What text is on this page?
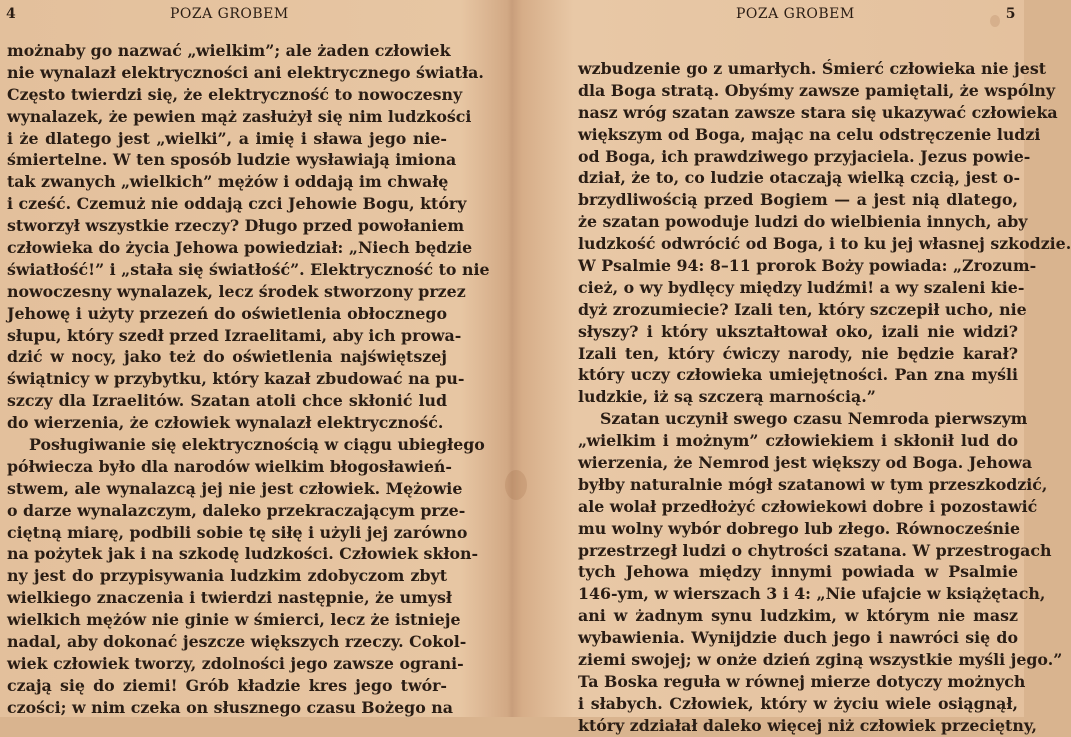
4	POZA GROBEM
możnaby go nazwać „wielkim”; ale żaden człowiek
nie wynalazł elektryczności ani elektrycznego światła.
Często twierdzi się, że elektryczność to nowoczesny
wynalazek, że pewien mąż zasłużył się nim ludzkości
i że dlatego jest „wielki”, a imię i sława jego nie-
śmiertelne. W ten sposób ludzie wysławiają imiona
tak zwanych „wielkich” mężów i oddają im chwałę
i cześć. Czemuż nie oddają czci Jehowie Bogu, który
stworzył wszystkie rzeczy? Długo przed powołaniem
człowieka do życia Jehowa powiedział: „Niech będzie
światłość!” i „stała się światłość”. Elektryczność to nie
nowoczesny wynalazek, lecz środek stworzony przez
Jehowę i użyty przezeń do oświetlenia obłocznego
słupu, który szedł przed Izraelitami, aby ich prowa-
dzić w nocy, jako też do oświetlenia najświętszej
świątnicy w przybytku, który kazał zbudować na pu-
szczy dla Izraelitów. Szatan atoli chce skłonić lud
do wierzenia, że człowiek wynalazł elektryczność.
Posługiwanie się elektrycznością w ciągu ubiegłego
półwiecza było dla narodów wielkim błogosławień-
stwem, ale wynalazcą jej nie jest człowiek. Mężowie
o darze wynalazczym, daleko przekraczającym prze-
ciętną miarę, podbili sobie tę siłę i użyli jej zarówno
na pożytek jak i na szkodę ludzkości. Człowiek skłon-
ny jest do przypisywania ludzkim zdobyczom zbyt
wielkiego znaczenia i twierdzi następnie, że umysł
wielkich mężów nie ginie w śmierci, lecz że istnieje
nadal, aby dokonać jeszcze większych rzeczy. Cokol-
wiek człowiek tworzy, zdolności jego zawsze ograni-
czają się do ziemi! Grób kładzie kres jego twór-
czości; w nim czeka on słusznego czasu Bożego na
POZA GROBEM	5
wzbudzenie go z umarłych. Śmierć człowieka nie jest
dla Boga stratą. Obyśmy zawsze pamiętali, że wspólny
nasz wróg szatan zawsze stara się ukazywać człowieka
większym od Boga, mając na celu odstręczenie ludzi
od Boga, ich prawdziwego przyjaciela. Jezus powie-
dział, że to, co ludzie otaczają wielką czcią, jest o-
brzydliwością przed Bogiem — a jest nią dlatego,
że szatan powoduje ludzi do wielbienia innych, aby
ludzkość odwrócić od Boga, i to ku jej własnej szkodzie.
W Psalmie 94: 8–11 prorok Boży powiada: „Zrozum-
cież, o wy bydlęcy między ludźmi! a wy szaleni kie-
dyż zrozumiecie? Izali ten, który szczepił ucho, nie
słyszy? i który ukształtował oko, izali nie widzi?
Izali ten, który ćwiczy narody, nie będzie karał?
który uczy człowieka umiejętności. Pan zna myśli
ludzkie, iż są szczerą marnością.”
Szatan uczynił swego czasu Nemroda pierwszym
„wielkim i możnym” człowiekiem i skłonił lud do
wierzenia, że Nemrod jest większy od Boga. Jehowa
byłby naturalnie mógł szatanowi w tym przeszkodzić,
ale wolał przedłożyć człowiekowi dobre i pozostawić
mu wolny wybór dobrego lub złego. Równocześnie
przestrzegł ludzi o chytrości szatana. W przestrogach
tych Jehowa między innymi powiada w Psalmie
146-ym, w wierszach 3 i 4: „Nie ufajcie w książętach,
ani w żadnym synu ludzkim, w którym nie masz
wybawienia. Wynijdzie duch jego i nawróci się do
ziemi swojej; w onże dzień zginą wszystkie myśli jego.”
Ta Boska reguła w równej mierze dotyczy możnych
i słabych. Człowiek, który w życiu wiele osiągnął,
który zdziałał daleko więcej niż człowiek przeciętny,
